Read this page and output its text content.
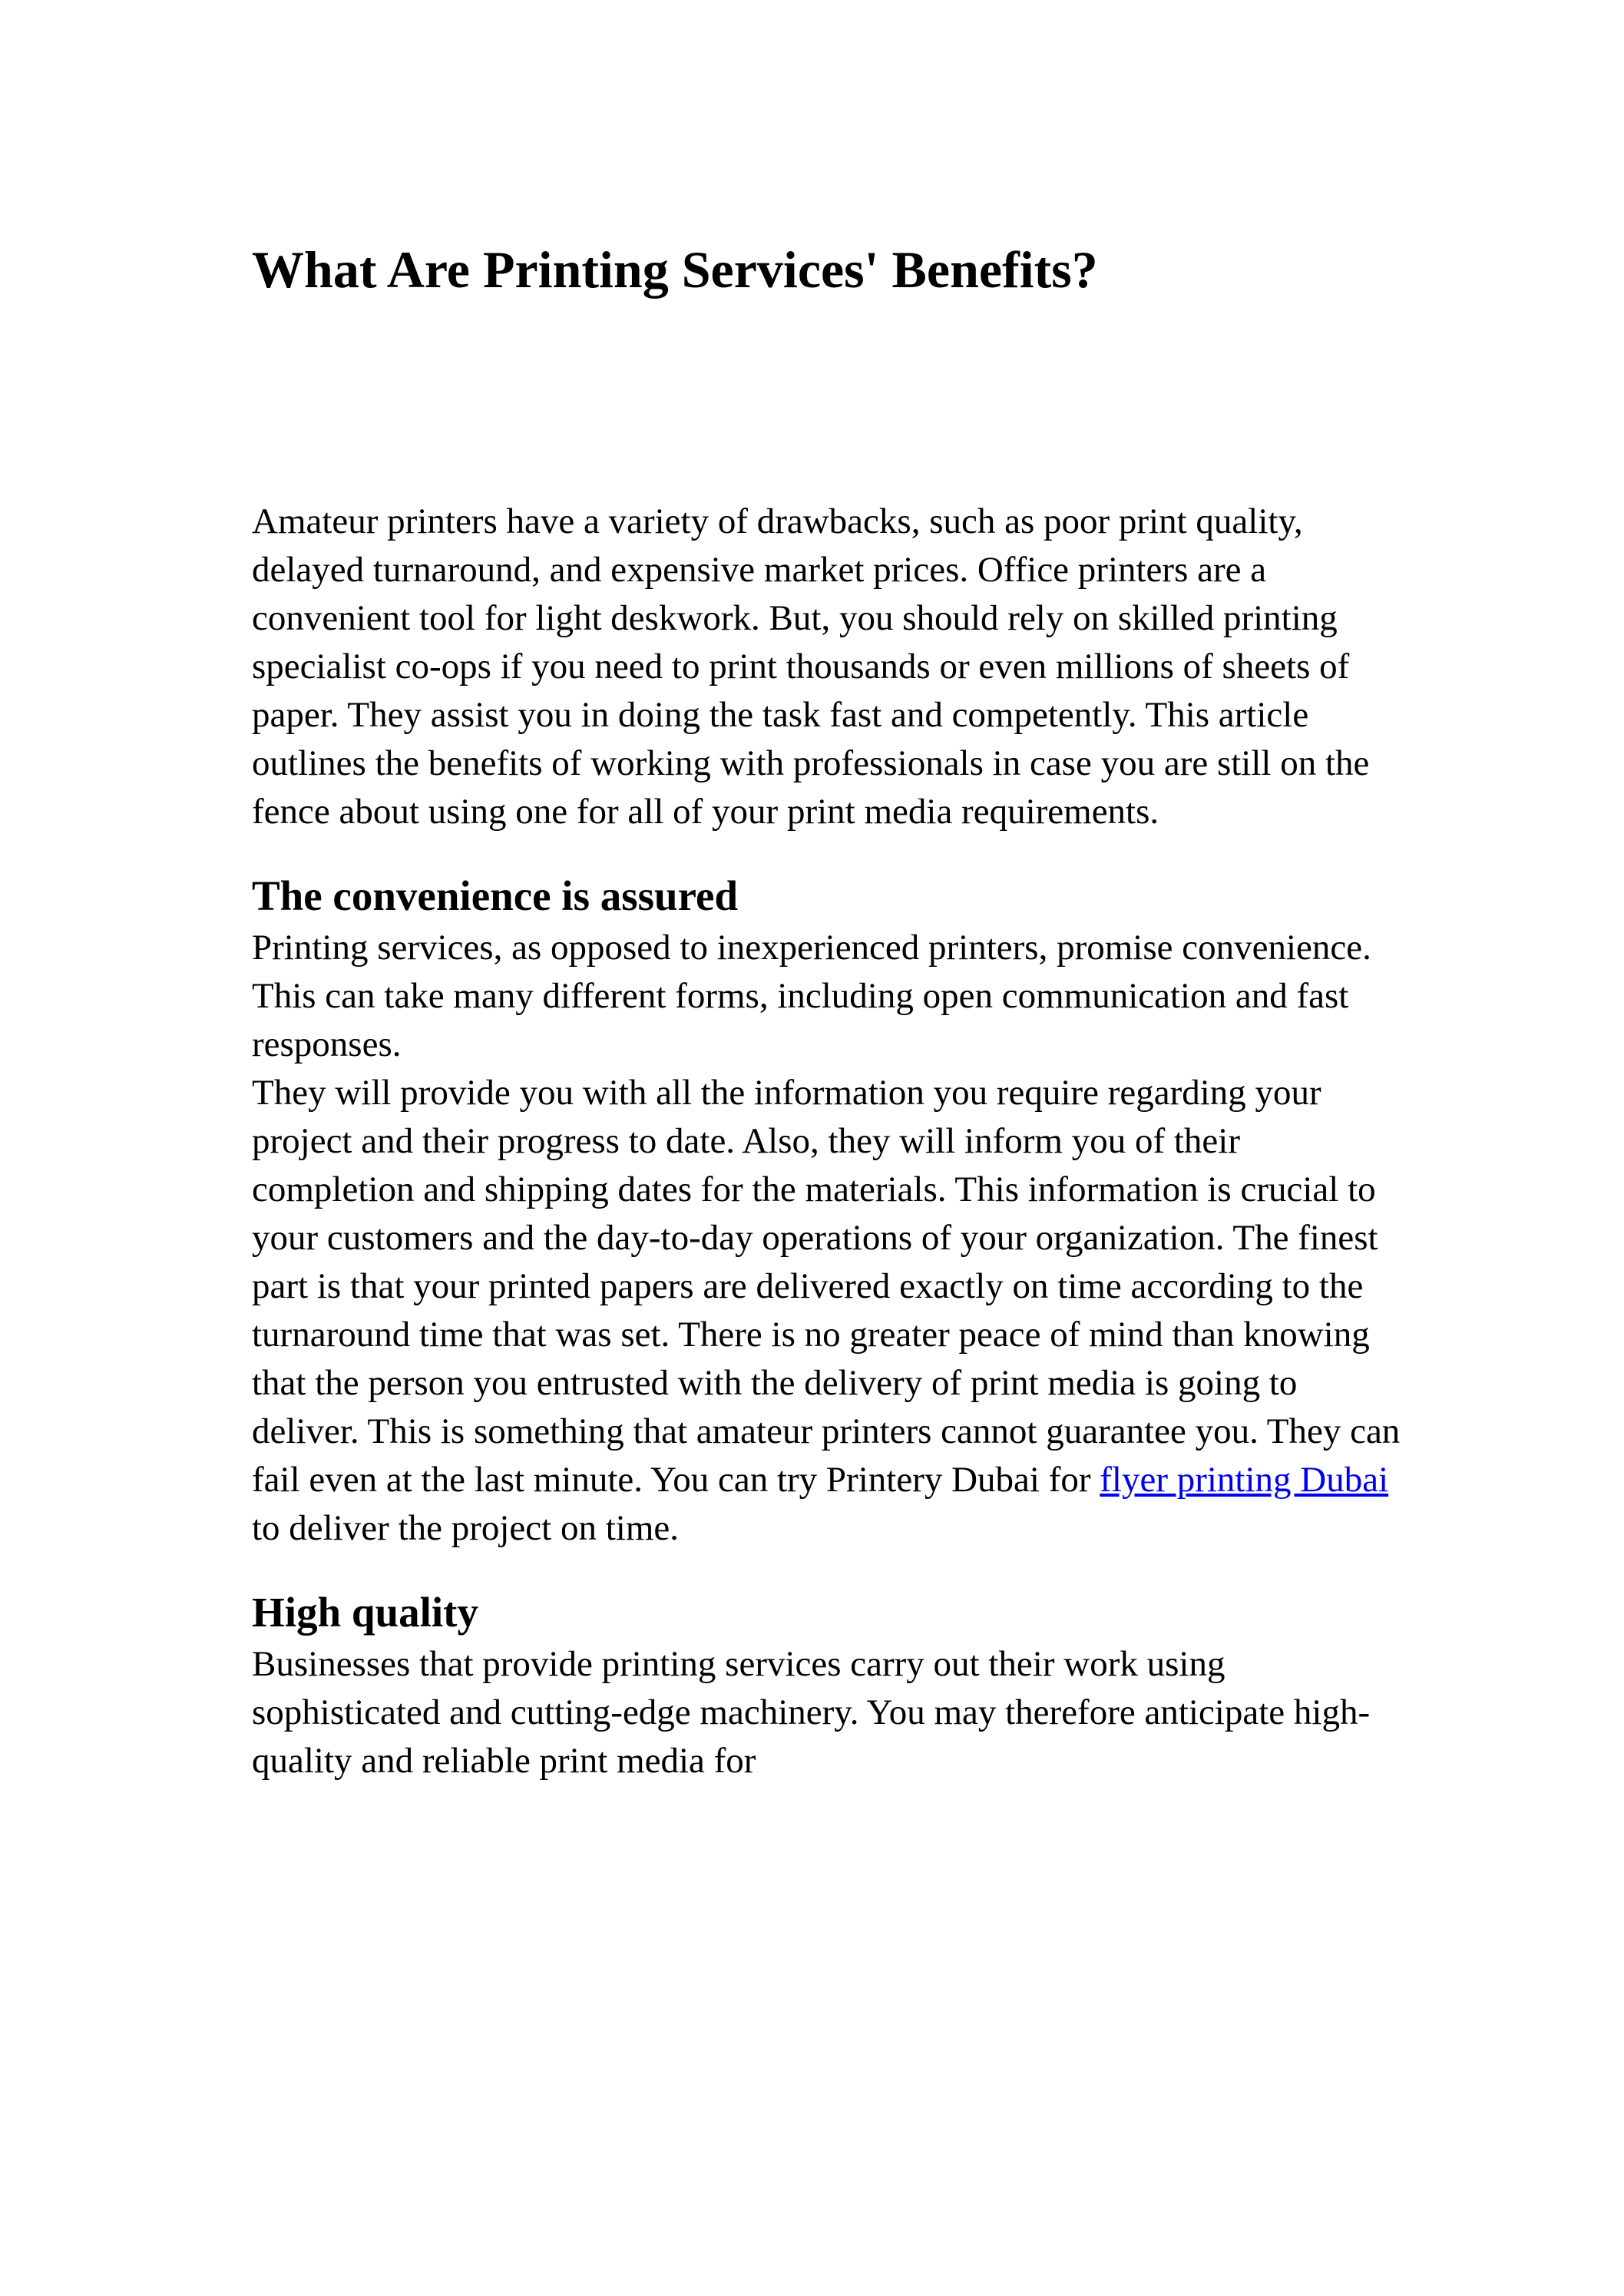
What Are Printing Services' Benefits?

Amateur printers have a variety of drawbacks, such as poor print quality, delayed turnaround, and expensive market prices. Office printers are a convenient tool for light deskwork. But, you should rely on skilled printing specialist co-ops if you need to print thousands or even millions of sheets of paper. They assist you in doing the task fast and competently. This article outlines the benefits of working with professionals in case you are still on the fence about using one for all of your print media requirements.

The convenience is assured

Printing services, as opposed to inexperienced printers, promise convenience. This can take many different forms, including open communication and fast responses.

They will provide you with all the information you require regarding your project and their progress to date. Also, they will inform you of their completion and shipping dates for the materials. This information is crucial to your customers and the day-to-day operations of your organization. The finest part is that your printed papers are delivered exactly on time according to the turnaround time that was set. There is no greater peace of mind than knowing that the person you entrusted with the delivery of print media is going to deliver. This is something that amateur printers cannot guarantee you. They can fail even at the last minute. You can try Printery Dubai for flyer printing Dubai to deliver the project on time.

High quality

Businesses that provide printing services carry out their work using sophisticated and cutting-edge machinery. You may therefore anticipate high-quality and reliable print media for
